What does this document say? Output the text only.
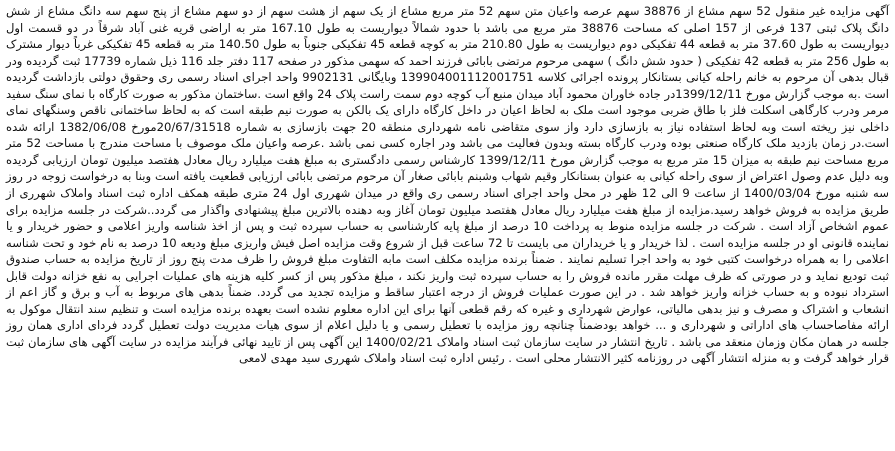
آگهی مزایده غیر منقول 52 سهم مشاع از 38876 سهم عرصه واعیان متن سهم 52 متر مربع مشاع از یک سهم از هشت سهم از دو سهم مشاع از پنج سهم سه دانگ مشاع از شش دانگ پلاک ثبتی 137 فرعی از 157 اصلی که مساحت 38876 متر مربع می باشد با حدود شمالاً دیواریست به طول 167.10 متر به اراضی قریه غنی آباد شرقاً در دو قسمت اول دیواریست به طول 37.60 متر به قطعه 44 تفکیکی دوم دیواریست به طول 210.80 متر به کوچه قطعه 45 تفکیکی جنوباً به طول 140.50 متر به قطعه 45 تفکیکی غرباً دیوار مشترک به طول 256 متر به قطعه 42 تفکیکی ( حدود شش دانگ ) سهمی مرحوم مرتضی بابائی فرزند احمد که سهمی مذکور در صفحه 117 دفتر جلد 116 ذیل شماره 17739 ثبت گردیده ودر قبال بدهی آن مرحوم به خانم راحله کیانی بستانکار پرونده اجرائی کلاسه 139904001112001751 وبایگانی 9902131 واحد اجرای اسناد رسمی ری وحقوق دولتی بازداشت گردیده است .به موجب گزارش مورخ 1399/12/11در جاده خاوران محمود آباد میدان منبع آب کوچه دوم سمت راست پلاک 24 واقع است .ساختمان مذکور به صورت کارگاه با نمای سنگ سفید مرمر ودرب کارگاهی اسکلت فلز با طاق ضربی موجود است ملک به لحاظ اعیان در داخل کارگاه دارای یک بالکن به صورت نیم طبقه است که به لحاظ ساختمانی ناقص وسنگهای نمای داخلی نیز ریخته است وبه لحاظ استفاده نیاز به بازسازی دارد واز سوی متقاضی نامه شهرداری منطقه 20 جهت بازسازی به شماره 20/67/31518مورخ 1382/06/08 ارائه شده است.در زمان بازدید ملک کارگاه صنعتی بوده ودرب کارگاه بسته وبدون فعالیت می باشد ودر اجاره کسی نمی باشد .عرصه واعیان ملک موصوف با مساحت مندرج با مساحت 52 متر مربع مساحت نیم طبقه به میزان 15 متر مربع به موجب گزارش مورخ 1399/12/11 کارشناس رسمی دادگستری به مبلغ هفت میلیارد ریال معادل هفتصد میلیون تومان ارزیابی گردیده وبه دلیل عدم وصول اعتراض از سوی راحله کیانی به عنوان بستانکار وقیم شهاب وشبنم بابائی صغار آن مرحوم مرتضی بابائی ارزیابی قطعیت یافته است وبنا به درخواست زوجه در روز سه شنبه مورخ 1400/03/04 از ساعت 9 الی 12 ظهر در محل واحد اجرای اسناد رسمی ری واقع در میدان شهرری اول 24 متری طبقه همکف اداره ثبت اسناد واملاک شهرری از طریق مزایده به فروش خواهد رسید.مزایده از مبلغ هفت میلیارد ریال معادل هفتصد میلیون تومان آغاز وبه دهنده بالاترین مبلغ پیشنهادی واگذار می گردد..شرکت در جلسه مزایده برای عموم اشخاص آزاد است . شرکت در جلسه مزایده منوط به پرداخت 10 درصد از مبلغ پایه کارشناسی به حساب سپرده ثبت و پس از اخذ شناسه واریز اعلامی و حضور خریدار و یا نماینده قانونی او در جلسه مزایده است . لذا خریدار و یا خریداران می بایست تا 72 ساعت قبل از شروع وقت مزایده اصل فیش واریزی مبلغ ودیعه 10 درصد به نام خود و تحت شناسه اعلامی را به همراه درخواست کتبی خود به واحد اجرا تسلیم نمایند . ضمناً برنده مزایده مکلف است مابه التفاوت مبلغ فروش را ظرف مدت پنج روز از تاریخ مزایده به حساب صندوق ثبت تودیع نماید و در صورتی که ظرف مهلت مقرر مانده فروش را به حساب سپرده ثبت واریز نکند ، مبلغ مذکور پس از کسر کلیه هزینه های عملیات اجرایی به نفع خزانه دولت قابل استرداد نبوده و به حساب خزانه واریز خواهد شد . در این صورت عملیات فروش از درجه اعتبار ساقط و مزایده تجدید می گردد. ضمناً بدهی های مربوط به آب و برق و گاز اعم از انشعاب و اشتراک و مصرف و نیز بدهی مالیاتی، عوارض شهرداری و غیره که رقم قطعی آنها برای این اداره معلوم نشده است بعهده برنده مزایده است و تنظیم سند انتقال موکول به ارائه مفاصاحساب های اداراتی و شهرداری و ... خواهد بودضمناً چنانچه روز مزایده با تعطیل رسمی و یا دلیل اعلام از سوی هیات مدیریت دولت تعطیل گردد فردای اداری همان روز جلسه در همان مکان وزمان منعقد می باشد . تاریخ انتشار در سایت سازمان ثبت اسناد واملاک 1400/02/21 این آگهی پس از تایید نهائی فرآیند مزایده در سایت آگهی های سازمان ثبت قرار خواهد گرفت و به منزله انتشار آگهی در روزنامه کثیر الانتشار محلی است . رئیس اداره ثبت اسناد واملاک شهرری سید مهدی لامعی
